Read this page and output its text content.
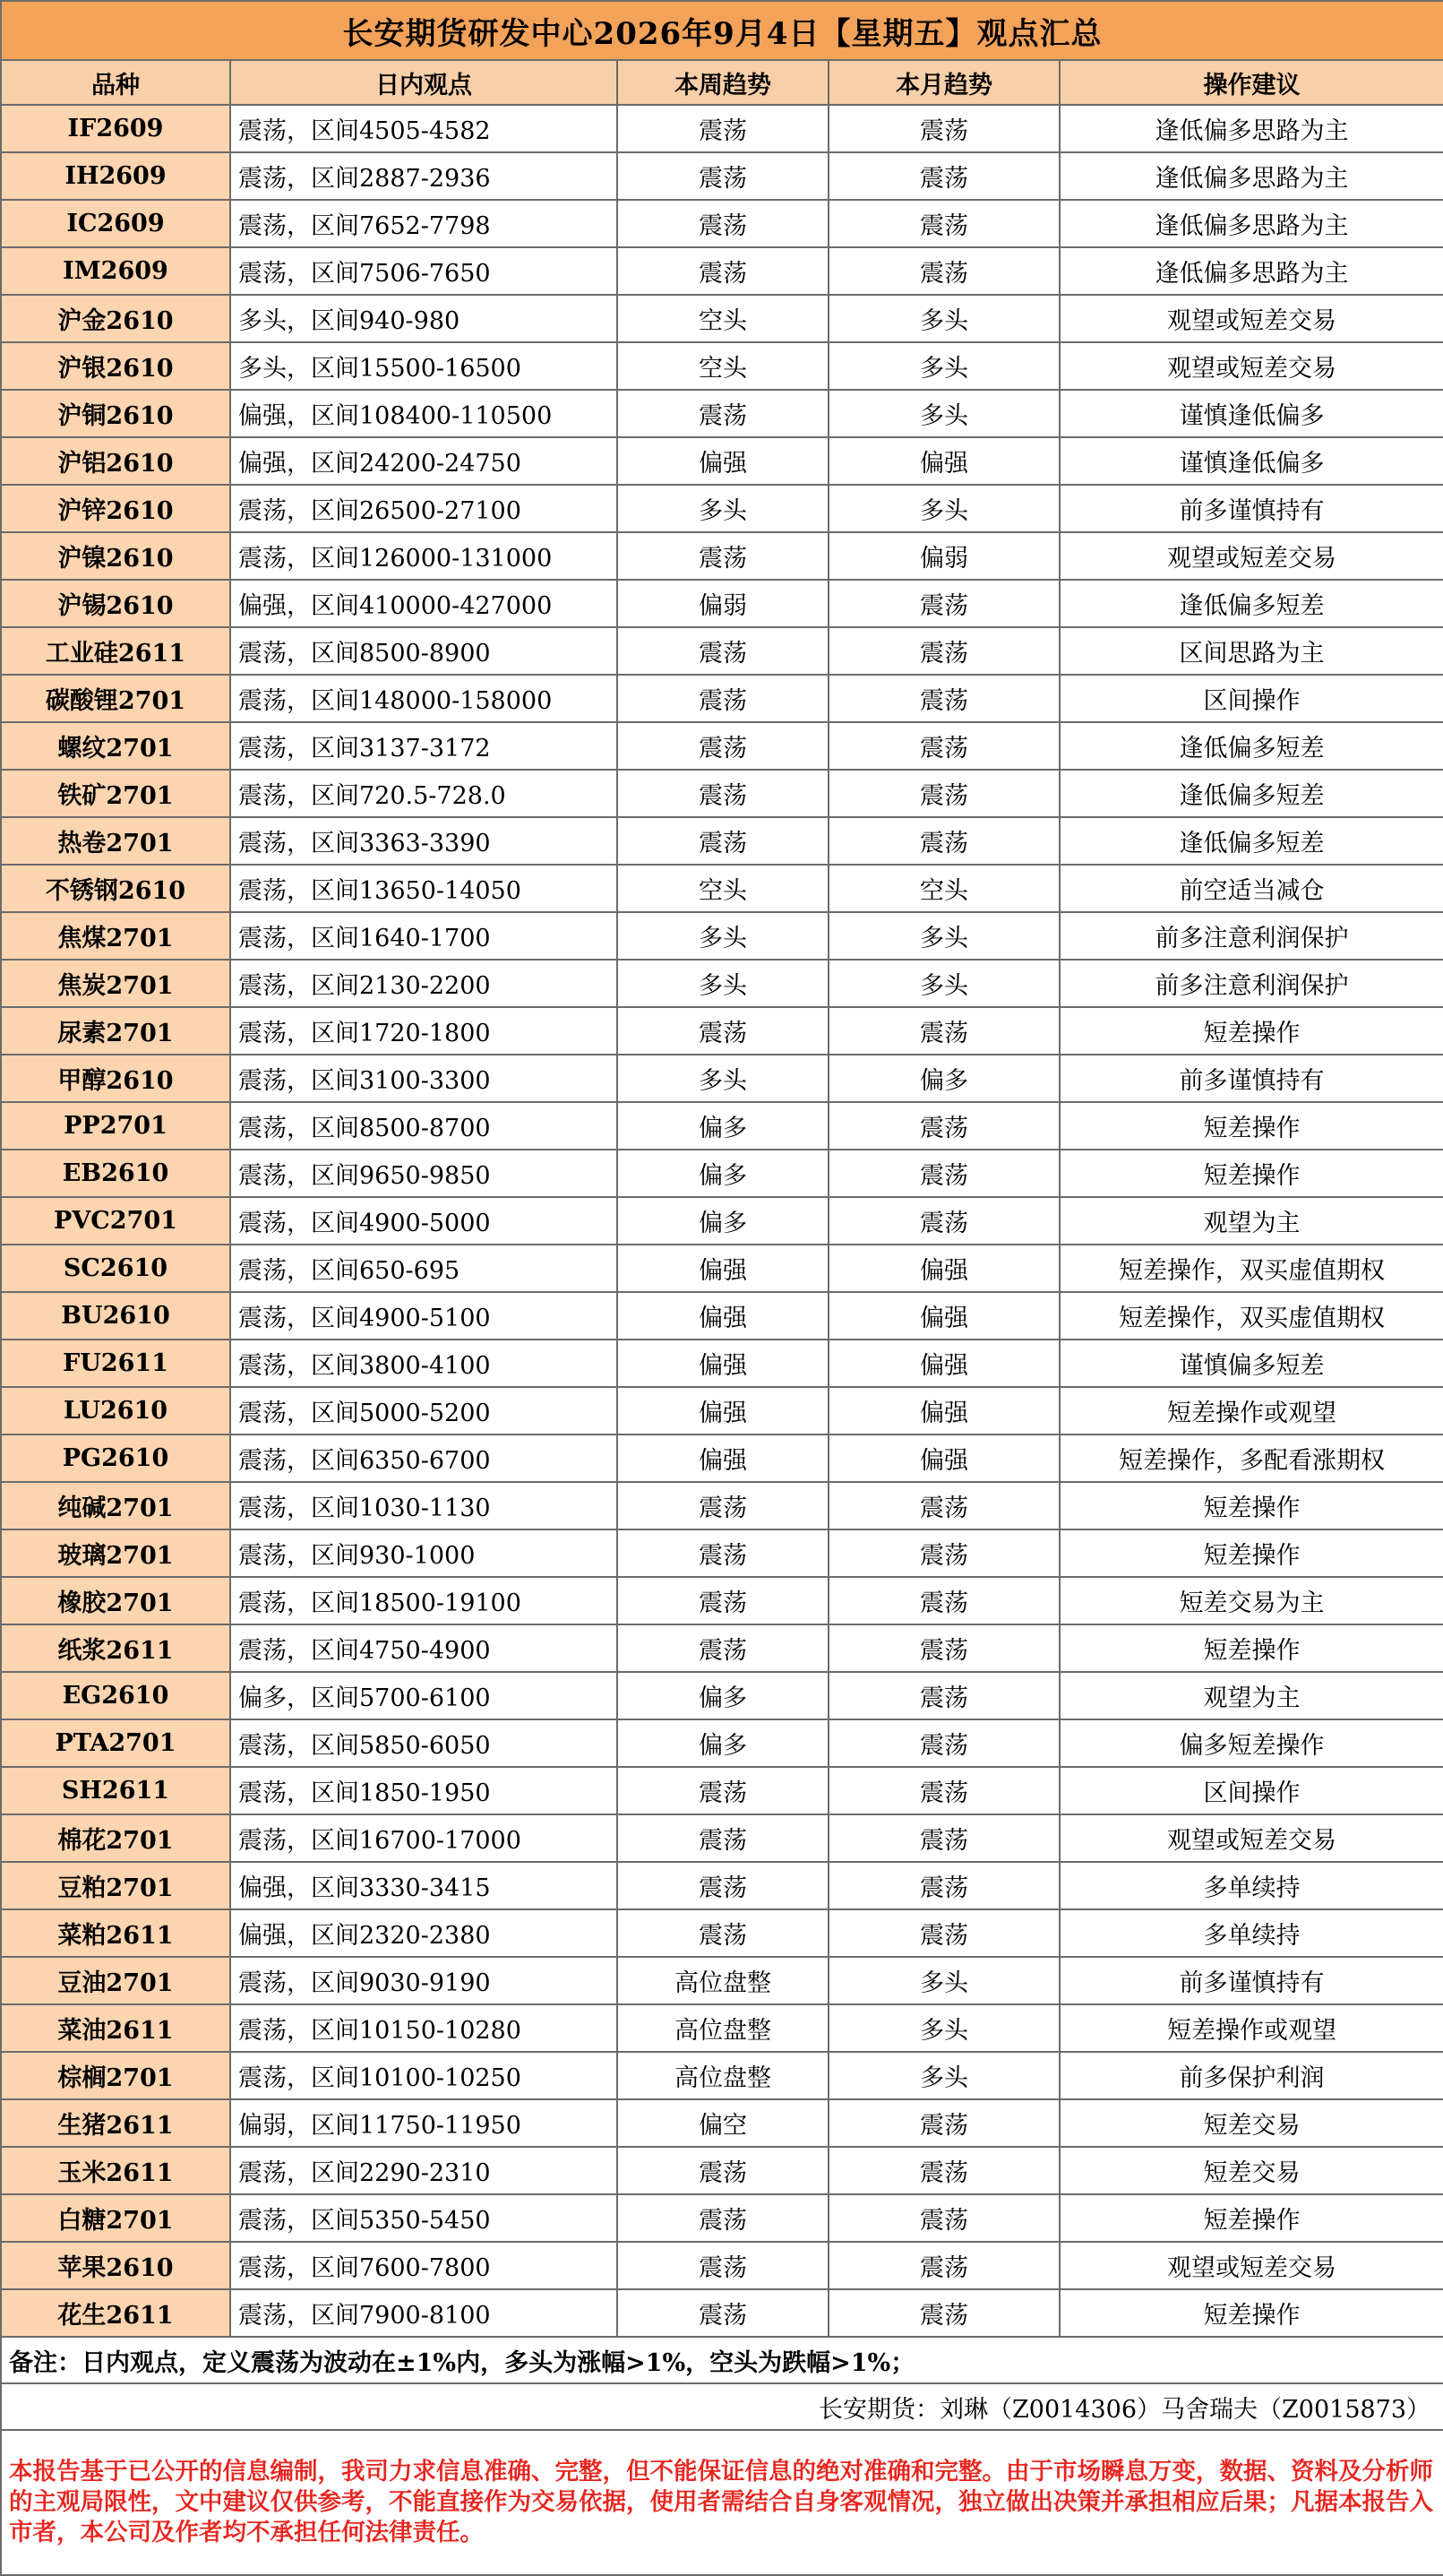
长安期货研发中心2026年9月4日【星期五】观点汇总				
品种	日内观点	本周趋势	本月趋势	操作建议
IF2609	震荡，区间4505-4582	震荡	震荡	逢低偏多思路为主
IH2609	震荡，区间2887-2936	震荡	震荡	逢低偏多思路为主
IC2609	震荡，区间7652-7798	震荡	震荡	逢低偏多思路为主
IM2609	震荡，区间7506-7650	震荡	震荡	逢低偏多思路为主
沪金2610	多头，区间940-980	空头	多头	观望或短差交易
沪银2610	多头，区间15500-16500	空头	多头	观望或短差交易
沪铜2610	偏强，区间108400-110500	震荡	多头	谨慎逢低偏多
沪铝2610	偏强，区间24200-24750	偏强	偏强	谨慎逢低偏多
沪锌2610	震荡，区间26500-27100	多头	多头	前多谨慎持有
沪镍2610	震荡，区间126000-131000	震荡	偏弱	观望或短差交易
沪锡2610	偏强，区间410000-427000	偏弱	震荡	逢低偏多短差
工业硅2611	震荡，区间8500-8900	震荡	震荡	区间思路为主
碳酸锂2701	震荡，区间148000-158000	震荡	震荡	区间操作
螺纹2701	震荡，区间3137-3172	震荡	震荡	逢低偏多短差
铁矿2701	震荡，区间720.5-728.0	震荡	震荡	逢低偏多短差
热卷2701	震荡，区间3363-3390	震荡	震荡	逢低偏多短差
不锈钢2610	震荡，区间13650-14050	空头	空头	前空适当减仓
焦煤2701	震荡，区间1640-1700	多头	多头	前多注意利润保护
焦炭2701	震荡，区间2130-2200	多头	多头	前多注意利润保护
尿素2701	震荡，区间1720-1800	震荡	震荡	短差操作
甲醇2610	震荡，区间3100-3300	多头	偏多	前多谨慎持有
PP2701	震荡，区间8500-8700	偏多	震荡	短差操作
EB2610	震荡，区间9650-9850	偏多	震荡	短差操作
PVC2701	震荡，区间4900-5000	偏多	震荡	观望为主
SC2610	震荡，区间650-695	偏强	偏强	短差操作，双买虚值期权
BU2610	震荡，区间4900-5100	偏强	偏强	短差操作，双买虚值期权
FU2611	震荡，区间3800-4100	偏强	偏强	谨慎偏多短差
LU2610	震荡，区间5000-5200	偏强	偏强	短差操作或观望
PG2610	震荡，区间6350-6700	偏强	偏强	短差操作，多配看涨期权
纯碱2701	震荡，区间1030-1130	震荡	震荡	短差操作
玻璃2701	震荡，区间930-1000	震荡	震荡	短差操作
橡胶2701	震荡，区间18500-19100	震荡	震荡	短差交易为主
纸浆2611	震荡，区间4750-4900	震荡	震荡	短差操作
EG2610	偏多，区间5700-6100	偏多	震荡	观望为主
PTA2701	震荡，区间5850-6050	偏多	震荡	偏多短差操作
SH2611	震荡，区间1850-1950	震荡	震荡	区间操作
棉花2701	震荡，区间16700-17000	震荡	震荡	观望或短差交易
豆粕2701	偏强，区间3330-3415	震荡	震荡	多单续持
菜粕2611	偏强，区间2320-2380	震荡	震荡	多单续持
豆油2701	震荡，区间9030-9190	高位盘整	多头	前多谨慎持有
菜油2611	震荡，区间10150-10280	高位盘整	多头	短差操作或观望
棕榈2701	震荡，区间10100-10250	高位盘整	多头	前多保护利润
生猪2611	偏弱，区间11750-11950	偏空	震荡	短差交易
玉米2611	震荡，区间2290-2310	震荡	震荡	短差交易
白糖2701	震荡，区间5350-5450	震荡	震荡	短差操作
苹果2610	震荡，区间7600-7800	震荡	震荡	观望或短差交易
花生2611	震荡，区间7900-8100	震荡	震荡	短差操作
备注：日内观点，定义震荡为波动在±1%内，多头为涨幅>1%，空头为跌幅>1%；				
长安期货：刘琳（Z0014306）马舍瑞夫（Z0015873）				
本报告基于已公开的信息编制，我司力求信息准确、完整，但不能保证信息的绝对准确和完整。由于市场瞬息万变，数据、资料及分析师的主观局限性，文中建议仅供参考，不能直接作为交易依据，使用者需结合自身客观情况，独立做出决策并承担相应后果；凡据本报告入市者，本公司及作者均不承担任何法律责任。				
